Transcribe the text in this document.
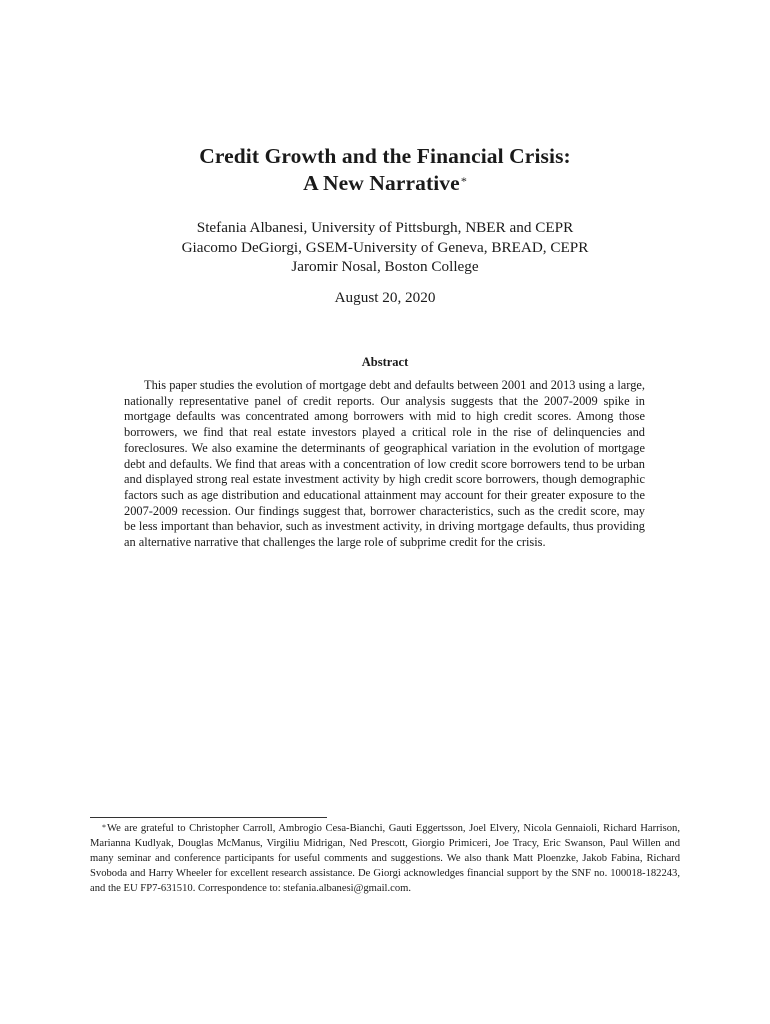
Credit Growth and the Financial Crisis:
A New Narrative*
Stefania Albanesi, University of Pittsburgh, NBER and CEPR
Giacomo DeGiorgi, GSEM-University of Geneva, BREAD, CEPR
Jaromir Nosal, Boston College
August 20, 2020
Abstract
This paper studies the evolution of mortgage debt and defaults between 2001 and 2013 using a large, nationally representative panel of credit reports. Our analysis suggests that the 2007-2009 spike in mortgage defaults was concentrated among borrowers with mid to high credit scores. Among those borrowers, we find that real estate investors played a critical role in the rise of delinquencies and foreclosures. We also examine the determinants of geographical variation in the evolution of mortgage debt and defaults. We find that areas with a concentration of low credit score borrowers tend to be urban and displayed strong real estate investment activity by high credit score borrowers, though demographic factors such as age distribution and educational attainment may account for their greater exposure to the 2007-2009 recession. Our findings suggest that, borrower characteristics, such as the credit score, may be less important than behavior, such as investment activity, in driving mortgage defaults, thus providing an alternative narrative that challenges the large role of subprime credit for the crisis.
*We are grateful to Christopher Carroll, Ambrogio Cesa-Bianchi, Gauti Eggertsson, Joel Elvery, Nicola Gennaioli, Richard Harrison, Marianna Kudlyak, Douglas McManus, Virgiliu Midrigan, Ned Prescott, Giorgio Primiceri, Joe Tracy, Eric Swanson, Paul Willen and many seminar and conference participants for useful comments and suggestions. We also thank Matt Ploenzke, Jakob Fabina, Richard Svoboda and Harry Wheeler for excellent research assistance. De Giorgi acknowledges financial support by the SNF no. 100018-182243, and the EU FP7-631510. Correspondence to: stefania.albanesi@gmail.com.
